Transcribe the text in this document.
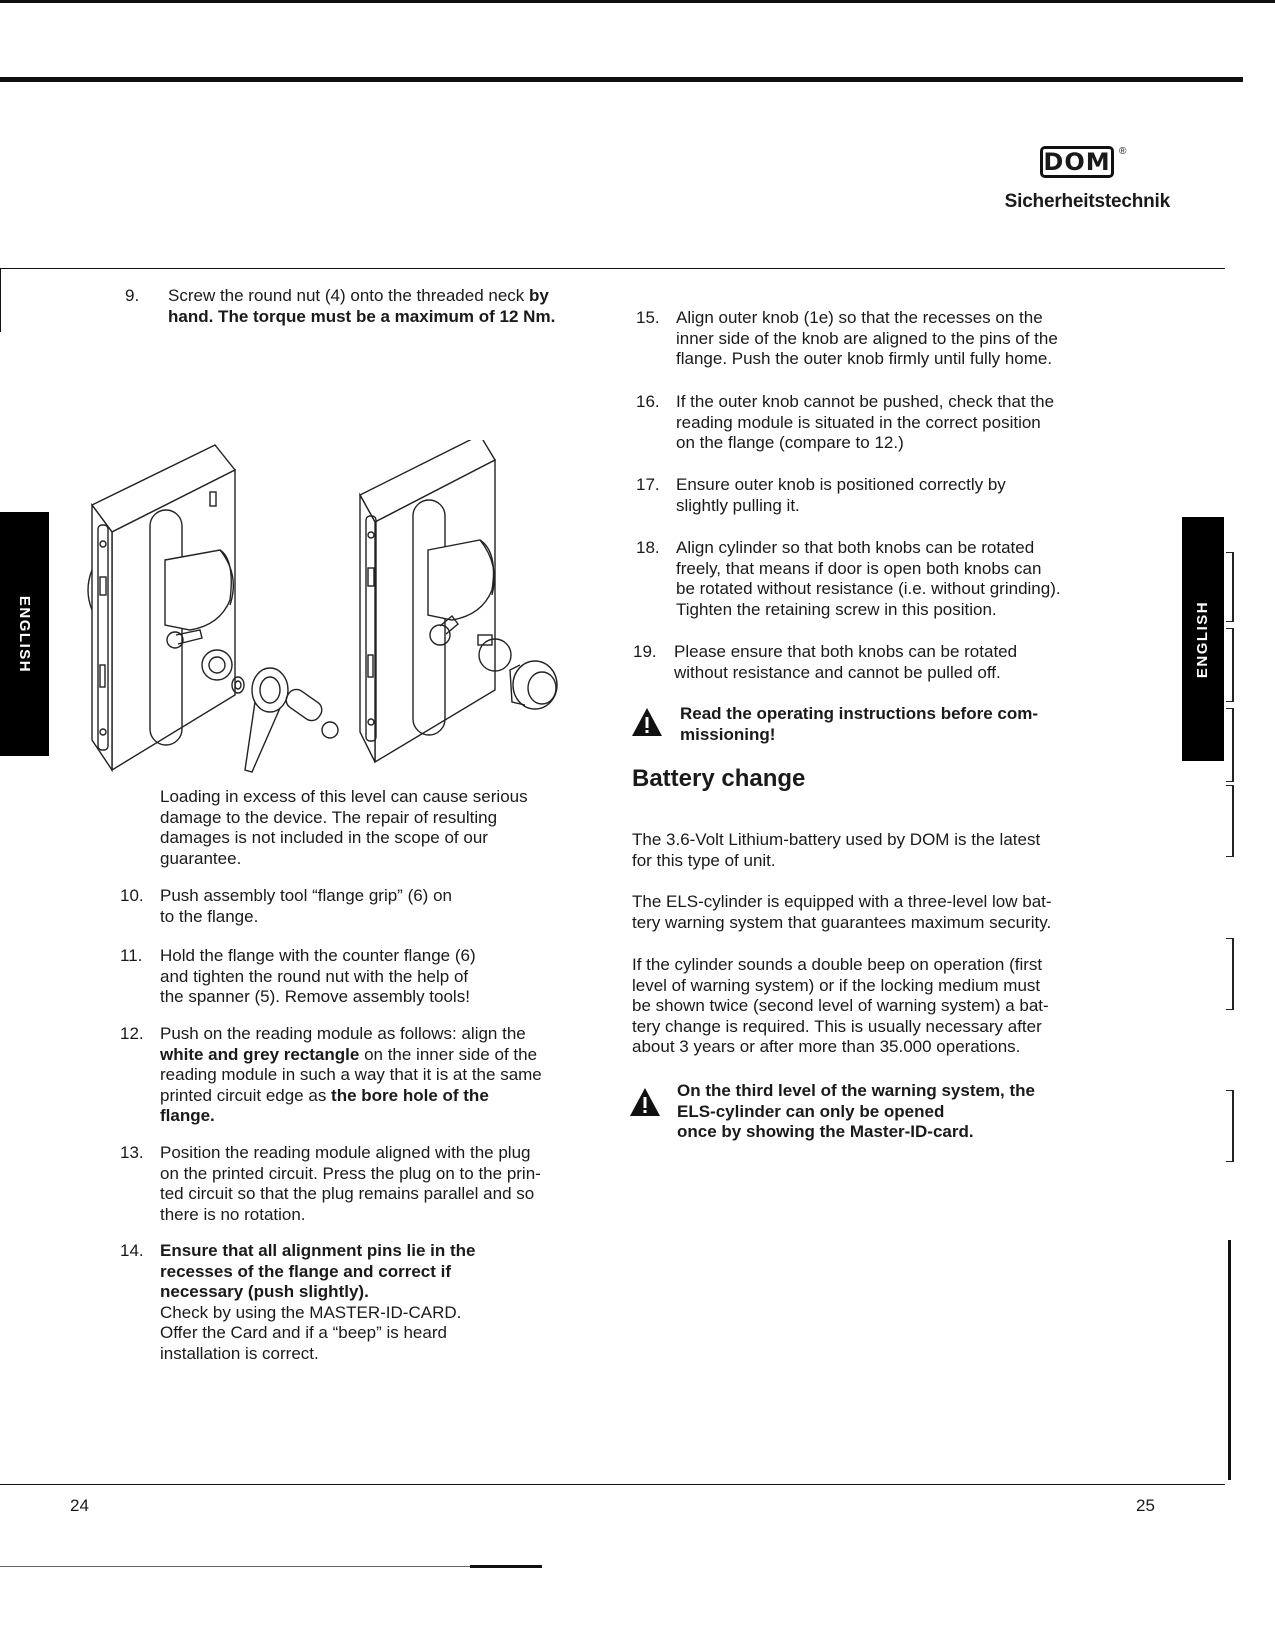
DOM ®
Sicherheitstechnik
ENGLISH	ENGLISH
9. Screw the round nut (4) onto the threaded neck by hand. The torque must be a maximum of 12 Nm.
Loading in excess of this level can cause serious
damage to the device. The repair of resulting
damages is not included in the scope of our
guarantee.
10. Push assembly tool “flange grip” (6) on
to the flange.
11. Hold the flange with the counter flange (6)
and tighten the round nut with the help of
the spanner (5). Remove assembly tools!
12. Push on the reading module as follows: align the
white and grey rectangle on the inner side of the
reading module in such a way that it is at the same
printed circuit edge as the bore hole of the
flange.
13. Position the reading module aligned with the plug
on the printed circuit. Press the plug on to the prin-
ted circuit so that the plug remains parallel and so
there is no rotation.
14. Ensure that all alignment pins lie in the
recesses of the flange and correct if
necessary (push slightly).
Check by using the MASTER-ID-CARD.
Offer the Card and if a “beep” is heard
installation is correct.
15. Align outer knob (1e) so that the recesses on the
inner side of the knob are aligned to the pins of the
flange. Push the outer knob firmly until fully home.
16. If the outer knob cannot be pushed, check that the
reading module is situated in the correct position
on the flange (compare to 12.)
17. Ensure outer knob is positioned correctly by
slightly pulling it.
18. Align cylinder so that both knobs can be rotated
freely, that means if door is open both knobs can
be rotated without resistance (i.e. without grinding).
Tighten the retaining screw in this position.
19. Please ensure that both knobs can be rotated
without resistance and cannot be pulled off.
Read the operating instructions before com-
missioning!
Battery change
The 3.6-Volt Lithium-battery used by DOM is the latest
for this type of unit.
The ELS-cylinder is equipped with a three-level low bat-
tery warning system that guarantees maximum security.
If the cylinder sounds a double beep on operation (first
level of warning system) or if the locking medium must
be shown twice (second level of warning system) a bat-
tery change is required. This is usually necessary after
about 3 years or after more than 35.000 operations.
On the third level of the warning system, the
ELS-cylinder can only be opened
once by showing the Master-ID-card.
24	25
